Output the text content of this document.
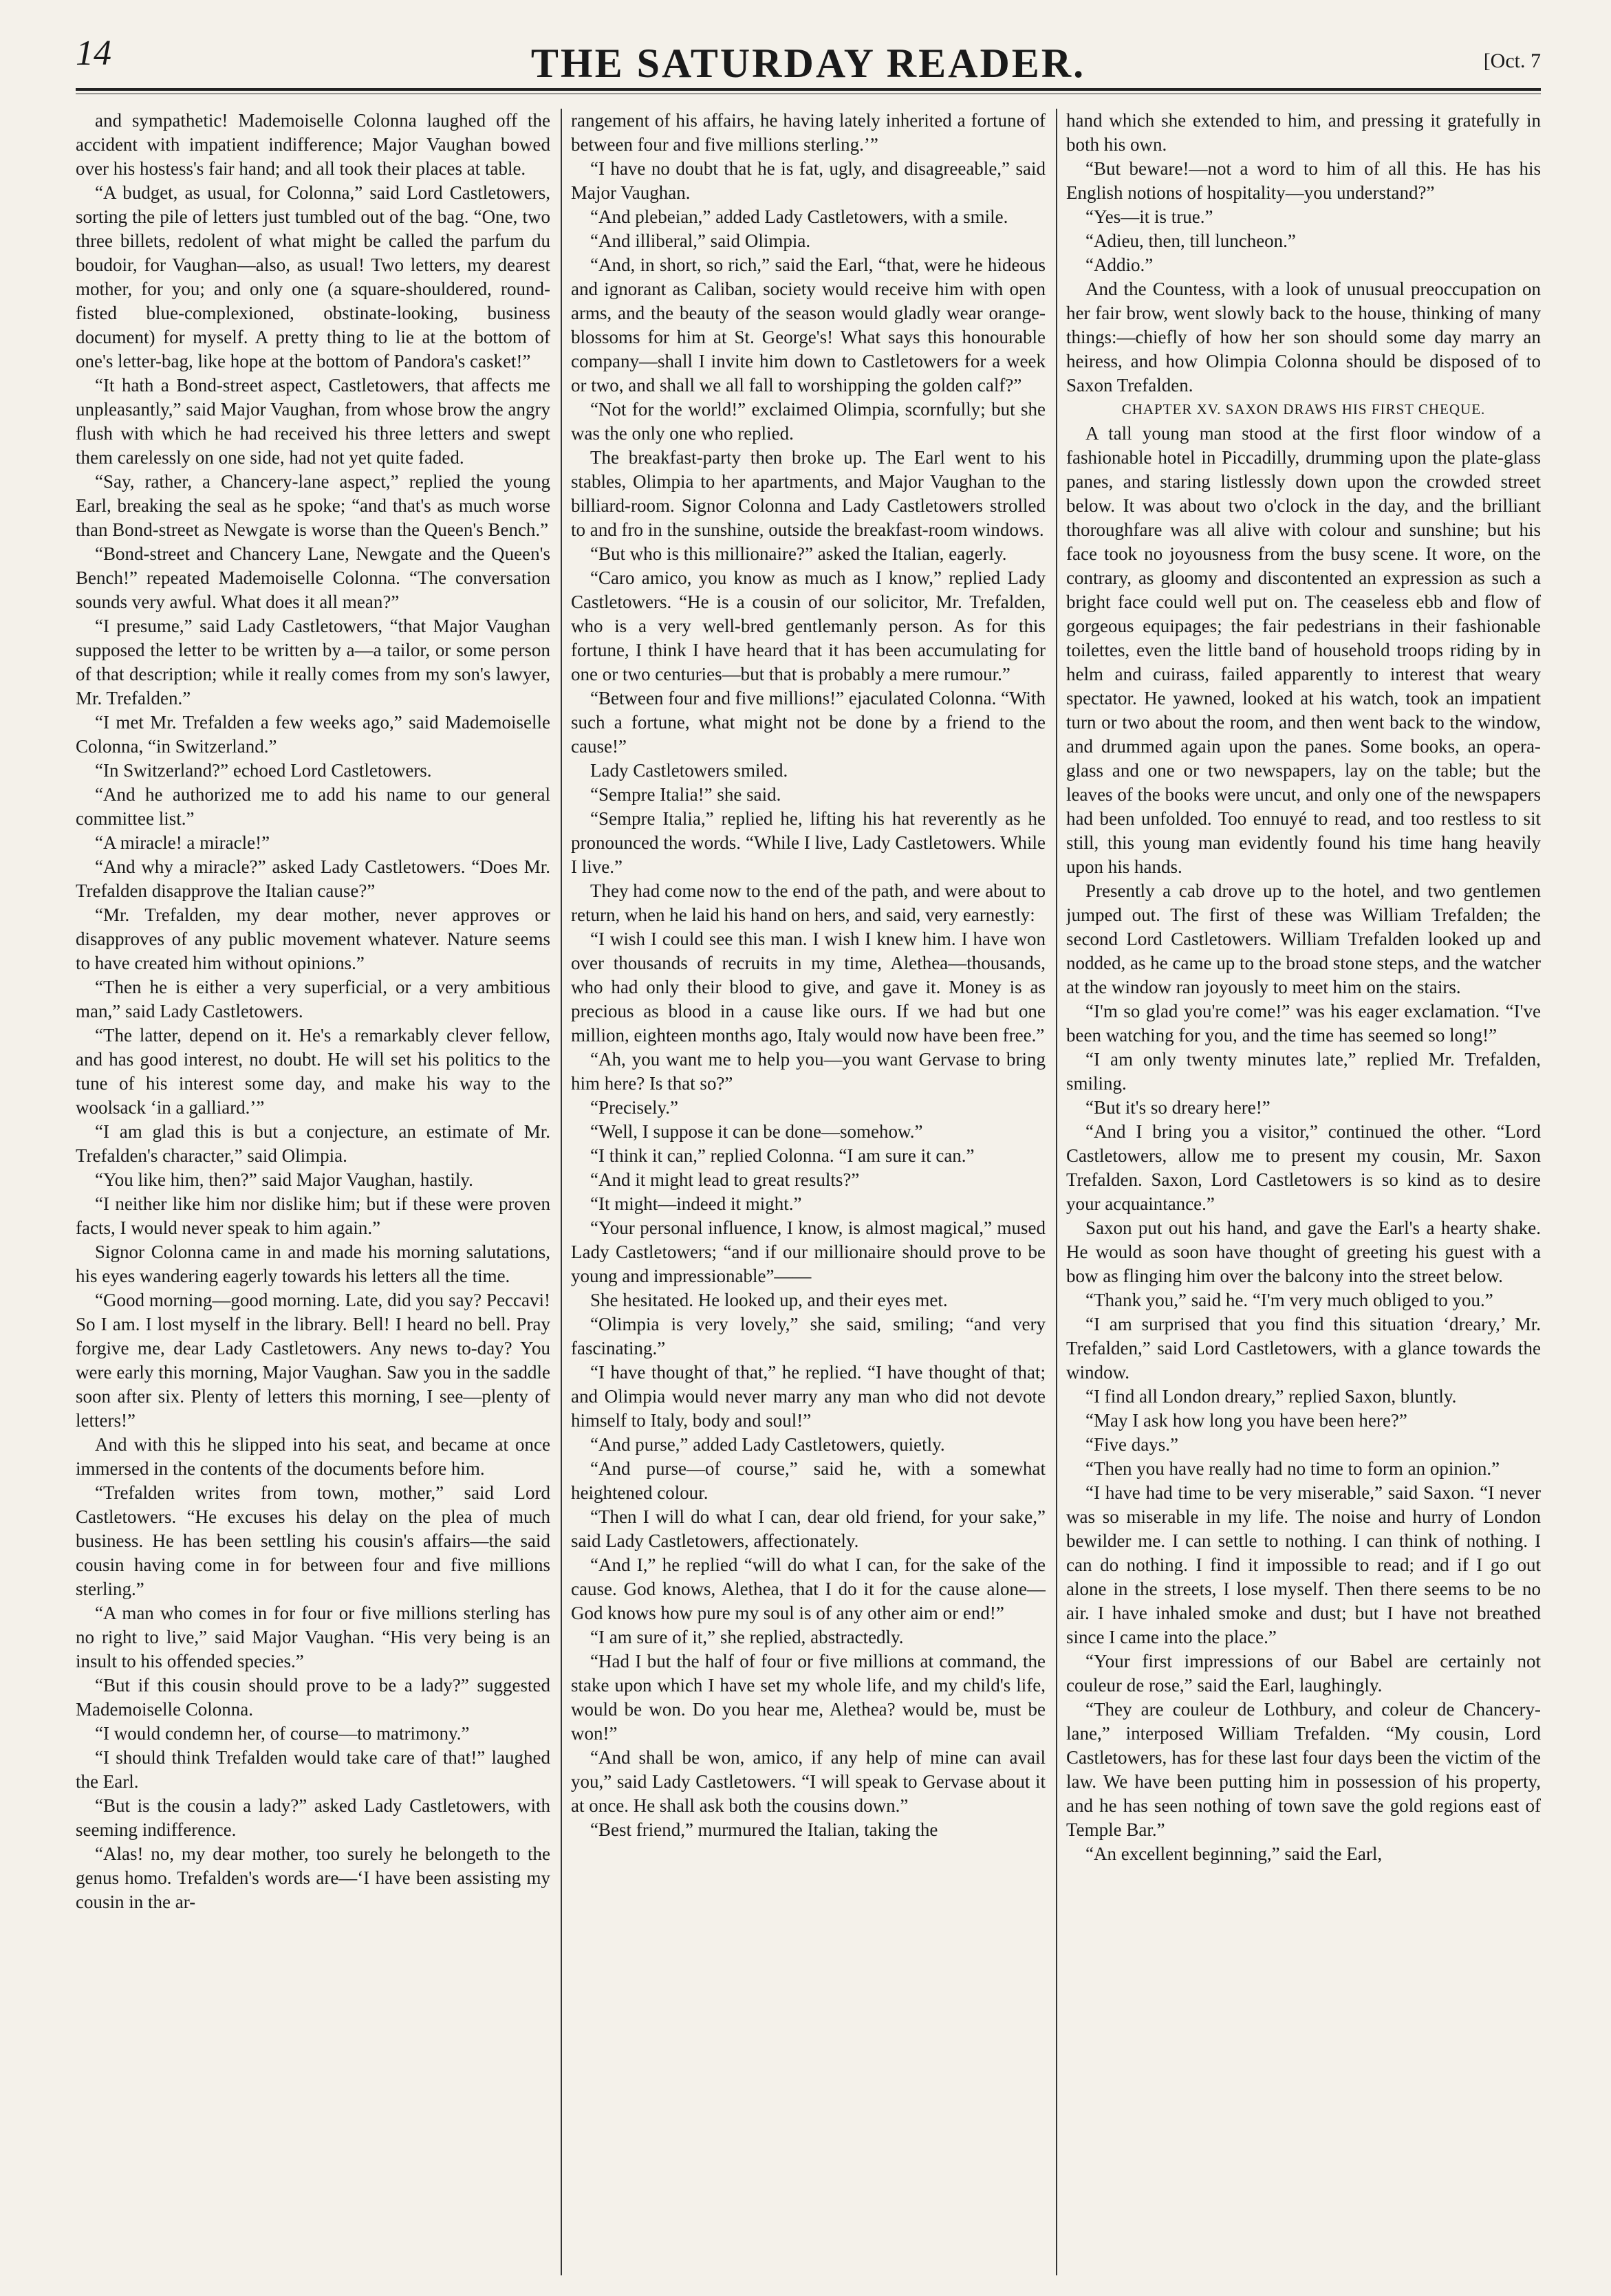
14	THE SATURDAY READER.	[Oct. 7

and sympathetic! Mademoiselle Colonna laughed off the accident with impatient indifference; Major Vaughan bowed over his hostess's fair hand; and all took their places at table.

“A budget, as usual, for Colonna,” said Lord Castletowers, sorting the pile of letters just tumbled out of the bag. “One, two three billets, redolent of what might be called the parfum du boudoir, for Vaughan—also, as usual! Two letters, my dearest mother, for you; and only one (a square-shouldered, round-fisted blue-complexioned, obstinate-looking, business document) for myself. A pretty thing to lie at the bottom of one's letter-bag, like hope at the bottom of Pandora's casket!”

“It hath a Bond-street aspect, Castletowers, that affects me unpleasantly,” said Major Vaughan, from whose brow the angry flush with which he had received his three letters and swept them carelessly on one side, had not yet quite faded.

“Say, rather, a Chancery-lane aspect,” replied the young Earl, breaking the seal as he spoke; “and that's as much worse than Bond-street as Newgate is worse than the Queen's Bench.”

“Bond-street and Chancery Lane, Newgate and the Queen's Bench!” repeated Mademoiselle Colonna. “The conversation sounds very awful. What does it all mean?”

“I presume,” said Lady Castletowers, “that Major Vaughan supposed the letter to be written by a—a tailor, or some person of that description; while it really comes from my son's lawyer, Mr. Trefalden.”

“I met Mr. Trefalden a few weeks ago,” said Mademoiselle Colonna, “in Switzerland.”

“In Switzerland?” echoed Lord Castletowers.

“And he authorized me to add his name to our general committee list.”

“A miracle! a miracle!”

“And why a miracle?” asked Lady Castletowers. “Does Mr. Trefalden disapprove the Italian cause?”

“Mr. Trefalden, my dear mother, never approves or disapproves of any public movement whatever. Nature seems to have created him without opinions.”

“Then he is either a very superficial, or a very ambitious man,” said Lady Castletowers.

“The latter, depend on it. He's a remarkably clever fellow, and has good interest, no doubt. He will set his politics to the tune of his interest some day, and make his way to the woolsack ‘in a galliard.’”

“I am glad this is but a conjecture, an estimate of Mr. Trefalden's character,” said Olimpia.

“You like him, then?” said Major Vaughan, hastily.

“I neither like him nor dislike him; but if these were proven facts, I would never speak to him again.”

Signor Colonna came in and made his morning salutations, his eyes wandering eagerly towards his letters all the time.

“Good morning—good morning. Late, did you say? Peccavi! So I am. I lost myself in the library. Bell! I heard no bell. Pray forgive me, dear Lady Castletowers. Any news to-day? You were early this morning, Major Vaughan. Saw you in the saddle soon after six. Plenty of letters this morning, I see—plenty of letters!”

And with this he slipped into his seat, and became at once immersed in the contents of the documents before him.

“Trefalden writes from town, mother,” said Lord Castletowers. “He excuses his delay on the plea of much business. He has been settling his cousin's affairs—the said cousin having come in for between four and five millions sterling.”

“A man who comes in for four or five millions sterling has no right to live,” said Major Vaughan. “His very being is an insult to his offended species.”

“But if this cousin should prove to be a lady?” suggested Mademoiselle Colonna.

“I would condemn her, of course—to matrimony.”

“I should think Trefalden would take care of that!” laughed the Earl.

“But is the cousin a lady?” asked Lady Castletowers, with seeming indifference.

“Alas! no, my dear mother, too surely he belongeth to the genus homo. Trefalden's words are—‘I have been assisting my cousin in the ar-

rangement of his affairs, he having lately inherited a fortune of between four and five millions sterling.’”

“I have no doubt that he is fat, ugly, and disagreeable,” said Major Vaughan.

“And plebeian,” added Lady Castletowers, with a smile.

“And illiberal,” said Olimpia.

“And, in short, so rich,” said the Earl, “that, were he hideous and ignorant as Caliban, society would receive him with open arms, and the beauty of the season would gladly wear orange-blossoms for him at St. George's! What says this honourable company—shall I invite him down to Castletowers for a week or two, and shall we all fall to worshipping the golden calf?”

“Not for the world!” exclaimed Olimpia, scornfully; but she was the only one who replied.

The breakfast-party then broke up. The Earl went to his stables, Olimpia to her apartments, and Major Vaughan to the billiard-room. Signor Colonna and Lady Castletowers strolled to and fro in the sunshine, outside the breakfast-room windows.

“But who is this millionaire?” asked the Italian, eagerly.

“Caro amico, you know as much as I know,” replied Lady Castletowers. “He is a cousin of our solicitor, Mr. Trefalden, who is a very well-bred gentlemanly person. As for this fortune, I think I have heard that it has been accumulating for one or two centuries—but that is probably a mere rumour.”

“Between four and five millions!” ejaculated Colonna. “With such a fortune, what might not be done by a friend to the cause!”

Lady Castletowers smiled.

“Sempre Italia!” she said.

“Sempre Italia,” replied he, lifting his hat reverently as he pronounced the words. “While I live, Lady Castletowers. While I live.”

They had come now to the end of the path, and were about to return, when he laid his hand on hers, and said, very earnestly:

“I wish I could see this man. I wish I knew him. I have won over thousands of recruits in my time, Alethea—thousands, who had only their blood to give, and gave it. Money is as precious as blood in a cause like ours. If we had but one million, eighteen months ago, Italy would now have been free.”

“Ah, you want me to help you—you want Gervase to bring him here? Is that so?”

“Precisely.”

“Well, I suppose it can be done—somehow.”

“I think it can,” replied Colonna. “I am sure it can.”

“And it might lead to great results?”

“It might—indeed it might.”

“Your personal influence, I know, is almost magical,” mused Lady Castletowers; “and if our millionaire should prove to be young and impressionable”——

She hesitated. He looked up, and their eyes met.

“Olimpia is very lovely,” she said, smiling; “and very fascinating.”

“I have thought of that,” he replied. “I have thought of that; and Olimpia would never marry any man who did not devote himself to Italy, body and soul!”

“And purse,” added Lady Castletowers, quietly.

“And purse—of course,” said he, with a somewhat heightened colour.

“Then I will do what I can, dear old friend, for your sake,” said Lady Castletowers, affectionately.

“And I,” he replied “will do what I can, for the sake of the cause. God knows, Alethea, that I do it for the cause alone—God knows how pure my soul is of any other aim or end!”

“I am sure of it,” she replied, abstractedly.

“Had I but the half of four or five millions at command, the stake upon which I have set my whole life, and my child's life, would be won. Do you hear me, Alethea? would be, must be won!”

“And shall be won, amico, if any help of mine can avail you,” said Lady Castletowers. “I will speak to Gervase about it at once. He shall ask both the cousins down.”

“Best friend,” murmured the Italian, taking the

hand which she extended to him, and pressing it gratefully in both his own.

“But beware!—not a word to him of all this. He has his English notions of hospitality—you understand?”

“Yes—it is true.”

“Adieu, then, till luncheon.”

“Addio.”

And the Countess, with a look of unusual preoccupation on her fair brow, went slowly back to the house, thinking of many things:—chiefly of how her son should some day marry an heiress, and how Olimpia Colonna should be disposed of to Saxon Trefalden.

CHAPTER XV. SAXON DRAWS HIS FIRST CHEQUE.

A tall young man stood at the first floor window of a fashionable hotel in Piccadilly, drumming upon the plate-glass panes, and staring listlessly down upon the crowded street below. It was about two o'clock in the day, and the brilliant thoroughfare was all alive with colour and sunshine; but his face took no joyousness from the busy scene. It wore, on the contrary, as gloomy and discontented an expression as such a bright face could well put on. The ceaseless ebb and flow of gorgeous equipages; the fair pedestrians in their fashionable toilettes, even the little band of household troops riding by in helm and cuirass, failed apparently to interest that weary spectator. He yawned, looked at his watch, took an impatient turn or two about the room, and then went back to the window, and drummed again upon the panes. Some books, an opera-glass and one or two newspapers, lay on the table; but the leaves of the books were uncut, and only one of the newspapers had been unfolded. Too ennuyé to read, and too restless to sit still, this young man evidently found his time hang heavily upon his hands.

Presently a cab drove up to the hotel, and two gentlemen jumped out. The first of these was William Trefalden; the second Lord Castletowers. William Trefalden looked up and nodded, as he came up to the broad stone steps, and the watcher at the window ran joyously to meet him on the stairs.

“I'm so glad you're come!” was his eager exclamation. “I've been watching for you, and the time has seemed so long!”

“I am only twenty minutes late,” replied Mr. Trefalden, smiling.

“But it's so dreary here!”

“And I bring you a visitor,” continued the other. “Lord Castletowers, allow me to present my cousin, Mr. Saxon Trefalden. Saxon, Lord Castletowers is so kind as to desire your acquaintance.”

Saxon put out his hand, and gave the Earl's a hearty shake. He would as soon have thought of greeting his guest with a bow as flinging him over the balcony into the street below.

“Thank you,” said he. “I'm very much obliged to you.”

“I am surprised that you find this situation ‘dreary,’ Mr. Trefalden,” said Lord Castletowers, with a glance towards the window.

“I find all London dreary,” replied Saxon, bluntly.

“May I ask how long you have been here?”

“Five days.”

“Then you have really had no time to form an opinion.”

“I have had time to be very miserable,” said Saxon. “I never was so miserable in my life. The noise and hurry of London bewilder me. I can settle to nothing. I can think of nothing. I can do nothing. I find it impossible to read; and if I go out alone in the streets, I lose myself. Then there seems to be no air. I have inhaled smoke and dust; but I have not breathed since I came into the place.”

“Your first impressions of our Babel are certainly not couleur de rose,” said the Earl, laughingly.

“They are couleur de Lothbury, and coleur de Chancery-lane,” interposed William Trefalden. “My cousin, Lord Castletowers, has for these last four days been the victim of the law. We have been putting him in possession of his property, and he has seen nothing of town save the gold regions east of Temple Bar.”

“An excellent beginning,” said the Earl,
